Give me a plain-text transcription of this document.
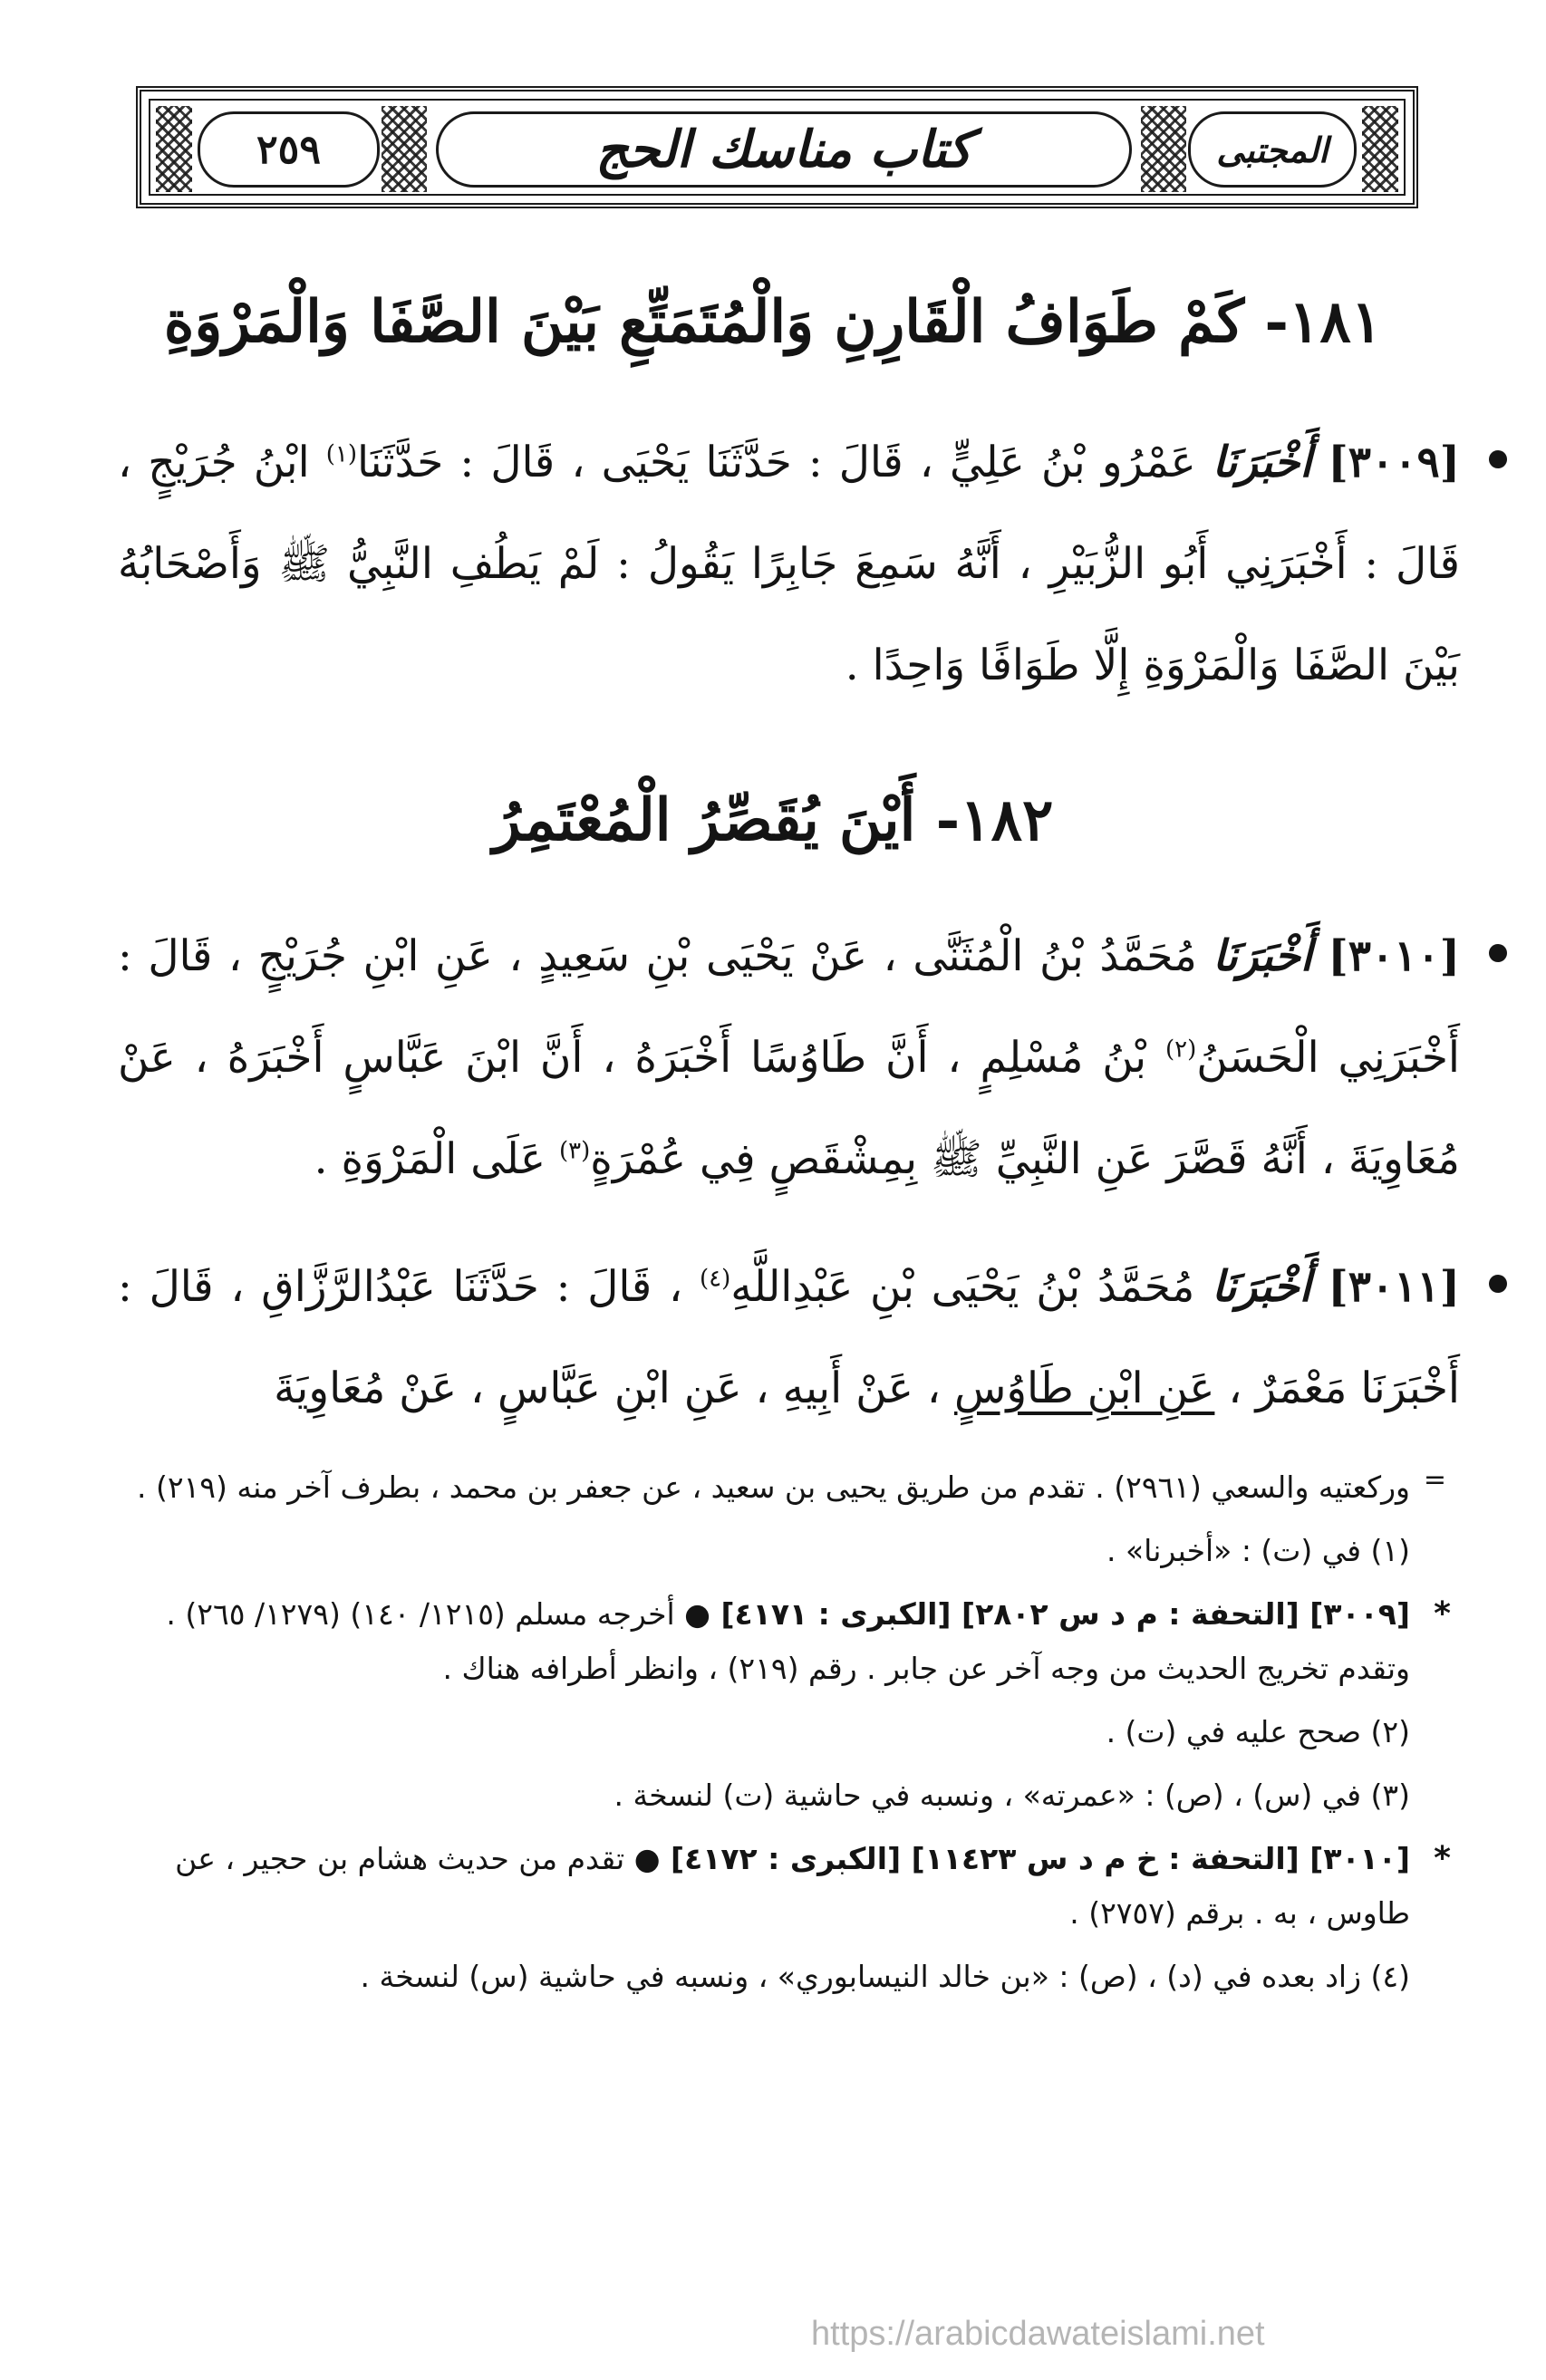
المجتبى
كتاب مناسك الحج
٢٥٩
١٨١- كَمْ طَوَافُ الْقَارِنِ وَالْمُتَمَتِّعِ بَيْنَ الصَّفَا وَالْمَرْوَةِ
[٣٠٠٩] أَخْبَرَنَا عَمْرُو بْنُ عَلِيٍّ ، قَالَ : حَدَّثَنَا يَحْيَى ، قَالَ : حَدَّثَنَا$^{(١)}$ ابْنُ جُرَيْجٍ ، قَالَ : أَخْبَرَنِي أَبُو الزُّبَيْرِ ، أَنَّهُ سَمِعَ جَابِرًا يَقُولُ : لَمْ يَطُفِ النَّبِيُّ ﷺ وَأَصْحَابُهُ بَيْنَ الصَّفَا وَالْمَرْوَةِ إِلَّا طَوَافًا وَاحِدًا .
١٨٢- أَيْنَ يُقَصِّرُ الْمُعْتَمِرُ
[٣٠١٠] أَخْبَرَنَا مُحَمَّدُ بْنُ الْمُثَنَّى ، عَنْ يَحْيَى بْنِ سَعِيدٍ ، عَنِ ابْنِ جُرَيْجٍ ، قَالَ : أَخْبَرَنِي الْحَسَنُ$^{(٢)}$ بْنُ مُسْلِمٍ ، أَنَّ طَاوُسًا أَخْبَرَهُ ، أَنَّ ابْنَ عَبَّاسٍ أَخْبَرَهُ ، عَنْ مُعَاوِيَةَ ، أَنَّهُ قَصَّرَ عَنِ النَّبِيِّ ﷺ بِمِشْقَصٍ فِي عُمْرَةٍ$^{(٣)}$ عَلَى الْمَرْوَةِ .
[٣٠١١] أَخْبَرَنَا مُحَمَّدُ بْنُ يَحْيَى بْنِ عَبْدِاللَّهِ$^{(٤)}$ ، قَالَ : حَدَّثَنَا عَبْدُالرَّزَّاقِ ، قَالَ : أَخْبَرَنَا مَعْمَرٌ ، عَنِ ابْنِ طَاوُسٍ ، عَنْ أَبِيهِ ، عَنِ ابْنِ عَبَّاسٍ ، عَنْ مُعَاوِيَةَ

=
وركعتيه والسعي (٢٩٦١) . تقدم من طريق يحيى بن سعيد ، عن جعفر بن محمد ، بطرف آخر منه (٢١٩) .

(١) في (ت) : «أخبرنا» .

*
[٣٠٠٩] [التحفة : م د س ٢٨٠٢] [الكبرى : ٤١٧١] ● أخرجه مسلم (١٢١٥/ ١٤٠) (١٢٧٩/ ٢٦٥) . وتقدم تخريج الحديث من وجه آخر عن جابر . رقم (٢١٩) ، وانظر أطرافه هناك .

(٢) صحح عليه في (ت) .

(٣) في (س) ، (ص) : «عمرته» ، ونسبه في حاشية (ت) لنسخة .

*
[٣٠١٠] [التحفة : خ م د س ١١٤٢٣] [الكبرى : ٤١٧٢] ● تقدم من حديث هشام بن حجير ، عن طاوس ، به . برقم (٢٧٥٧) .

(٤) زاد بعده في (د) ، (ص) : «بن خالد النيسابوري» ، ونسبه في حاشية (س) لنسخة .

https://arabicdawateislami.net
